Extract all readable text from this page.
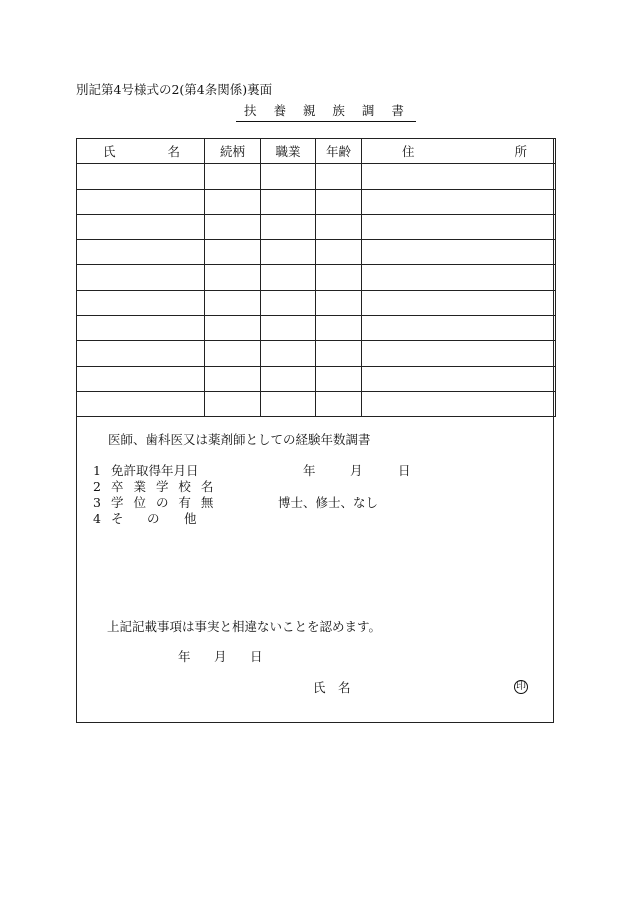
別記第4号様式の2(第4条関係)裏面
扶 養 親 族 調 書
氏 名	続柄	職業	年齢	住 所

医師、歯科医又は薬剤師としての経験年数調書
1 免許取得年月日	年	月	日
2 卒 業 学 校 名
3 学 位 の 有 無	博士、修士、なし
4 そ の 他
上記記載事項は事実と相違ないことを認めます。
年 月 日
氏　名	印
